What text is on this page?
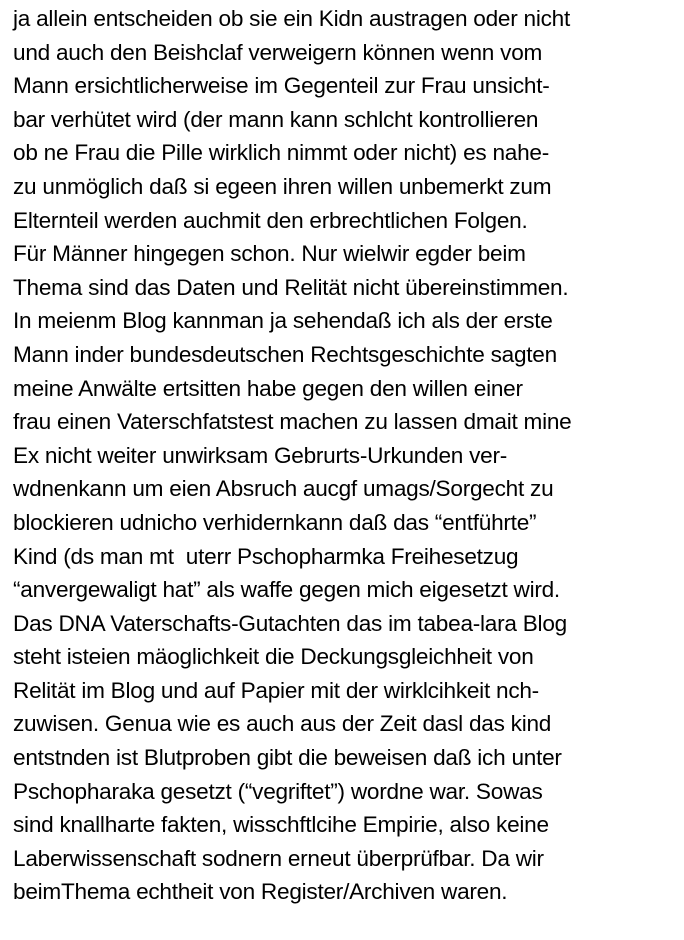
ja allein entscheiden ob sie ein Kidn austragen oder nicht
und auch den Beishclaf verweigern können wenn vom
Mann ersichtlicherweise im Gegenteil zur Frau unsicht-
bar verhütet wird (der mann kann schlcht kontrollieren
ob ne Frau die Pille wirklich nimmt oder nicht) es nahe-
zu unmöglich daß si egeen ihren willen unbemerkt zum
Elternteil werden auchmit den erbrechtlichen Folgen.
Für Männer hingegen schon. Nur wielwir egder beim
Thema sind das Daten und Relität nicht übereinstimmen.
In meienm Blog kannman ja sehendaß ich als der erste
Mann inder bundesdeutschen Rechtsgeschichte sagten
meine Anwälte ertsitten habe gegen den willen einer
frau einen Vaterschfatstest machen zu lassen dmait mine
Ex nicht weiter unwirksam Gebrurts-Urkunden ver-
wdnenkann um eien Absruch aucgf umags/Sorgecht zu
blockieren udnicho verhidernkann daß das “entführte”
Kind (ds man mt  uterr Pschopharmka Freihesetzug
“anvergewaligt hat” als waffe gegen mich eigesetzt wird.
Das DNA Vaterschafts-Gutachten das im tabea-lara Blog
steht isteien mäoglichkeit die Deckungsgleichheit von
Relität im Blog und auf Papier mit der wirklcihkeit nch-
zuwisen. Genua wie es auch aus der Zeit dasl das kind
entstnden ist Blutproben gibt die beweisen daß ich unter
Pschopharaka gesetzt (“vegriftet”) wordne war. Sowas
sind knallharte fakten, wisschftlcihe Empirie, also keine
Laberwissenschaft sodnern erneut überprüfbar. Da wir
beimThema echtheit von Register/Archiven waren.
